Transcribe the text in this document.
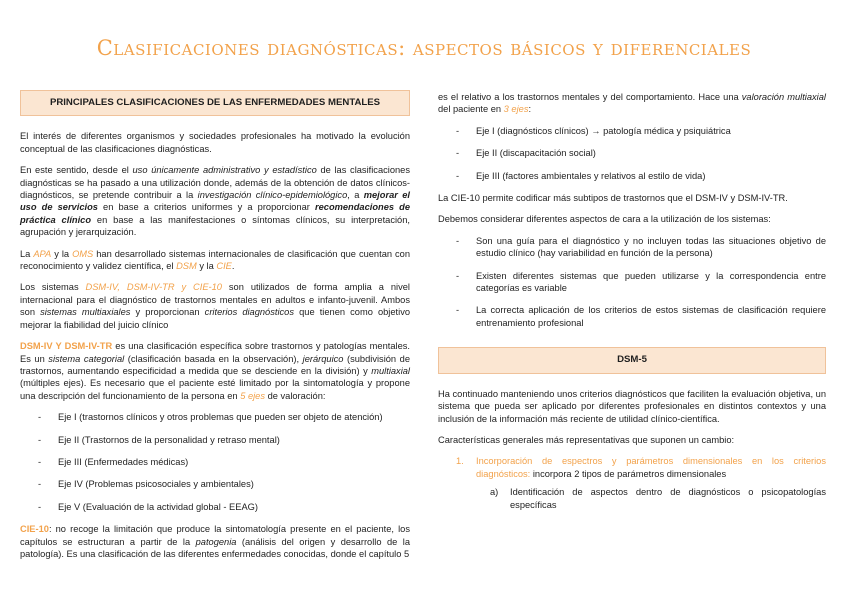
Clasificaciones diagnósticas: aspectos básicos y diferenciales
PRINCIPALES CLASIFICACIONES DE LAS ENFERMEDADES MENTALES

El interés de diferentes organismos y sociedades profesionales ha motivado la evolución conceptual de las clasificaciones diagnósticas.

En este sentido, desde el uso únicamente administrativo y estadístico de las clasificaciones diagnósticas se ha pasado a una utilización donde, además de la obtención de datos clínicos-diagnósticos, se pretende contribuir a la investigación clínico-epidemiológico, a mejorar el uso de servicios en base a criterios uniformes y a proporcionar recomendaciones de práctica clínico en base a las manifestaciones o síntomas clínicos, su interpretación, agrupación y jerarquización.

La APA y la OMS han desarrollado sistemas internacionales de clasificación que cuentan con reconocimiento y validez científica, el DSM y la CIE.

Los sistemas DSM-IV, DSM-IV-TR y CIE-10 son utilizados de forma amplia a nivel internacional para el diagnóstico de trastornos mentales en adultos e infanto-juvenil. Ambos son sistemas multiaxiales y proporcionan criterios diagnósticos que tienen como objetivo mejorar la fiabilidad del juicio clínico

DSM-IV Y DSM-IV-TR es una clasificación específica sobre trastornos y patologías mentales. Es un sistema categorial (clasificación basada en la observación), jerárquico (subdivisión de trastornos, aumentando especificidad a medida que se desciende en la división) y multiaxial (múltiples ejes). Es necesario que el paciente esté limitado por la sintomatología y propone una descripción del funcionamiento de la persona en 5 ejes de valoración:

- Eje I (trastornos clínicos y otros problemas que pueden ser objeto de atención)
- Eje II (Trastornos de la personalidad y retraso mental)
- Eje III (Enfermedades médicas)
- Eje IV (Problemas psicosociales y ambientales)
- Eje V (Evaluación de la actividad global - EEAG)

CIE-10: no recoge la limitación que produce la sintomatología presente en el paciente, los capítulos se estructuran a partir de la patogenia (análisis del origen y desarrollo de la patología). Es una clasificación de las diferentes enfermedades conocidas, donde el capítulo 5

es el relativo a los trastornos mentales y del comportamiento. Hace una valoración multiaxial del paciente en 3 ejes:

- Eje I (diagnósticos clínicos) → patología médica y psiquiátrica
- Eje II (discapacitación social)
- Eje III (factores ambientales y relativos al estilo de vida)

La CIE-10 permite codificar más subtipos de trastornos que el DSM-IV y DSM-IV-TR.

Debemos considerar diferentes aspectos de cara a la utilización de los sistemas:

- Son una guía para el diagnóstico y no incluyen todas las situaciones objetivo de estudio clínico (hay variabilidad en función de la persona)
- Existen diferentes sistemas que pueden utilizarse y la correspondencia entre categorías es variable
- La correcta aplicación de los criterios de estos sistemas de clasificación requiere entrenamiento profesional
DSM-5

Ha continuado manteniendo unos criterios diagnósticos que faciliten la evaluación objetiva, un sistema que pueda ser aplicado por diferentes profesionales en distintos contextos y una inclusión de la información más reciente de utilidad clínico-científica.

Características generales más representativas que suponen un cambio:

1. Incorporación de espectros y parámetros dimensionales en los criterios diagnósticos: incorpora 2 tipos de parámetros dimensionales
a) Identificación de aspectos dentro de diagnósticos o psicopatologías específicas
